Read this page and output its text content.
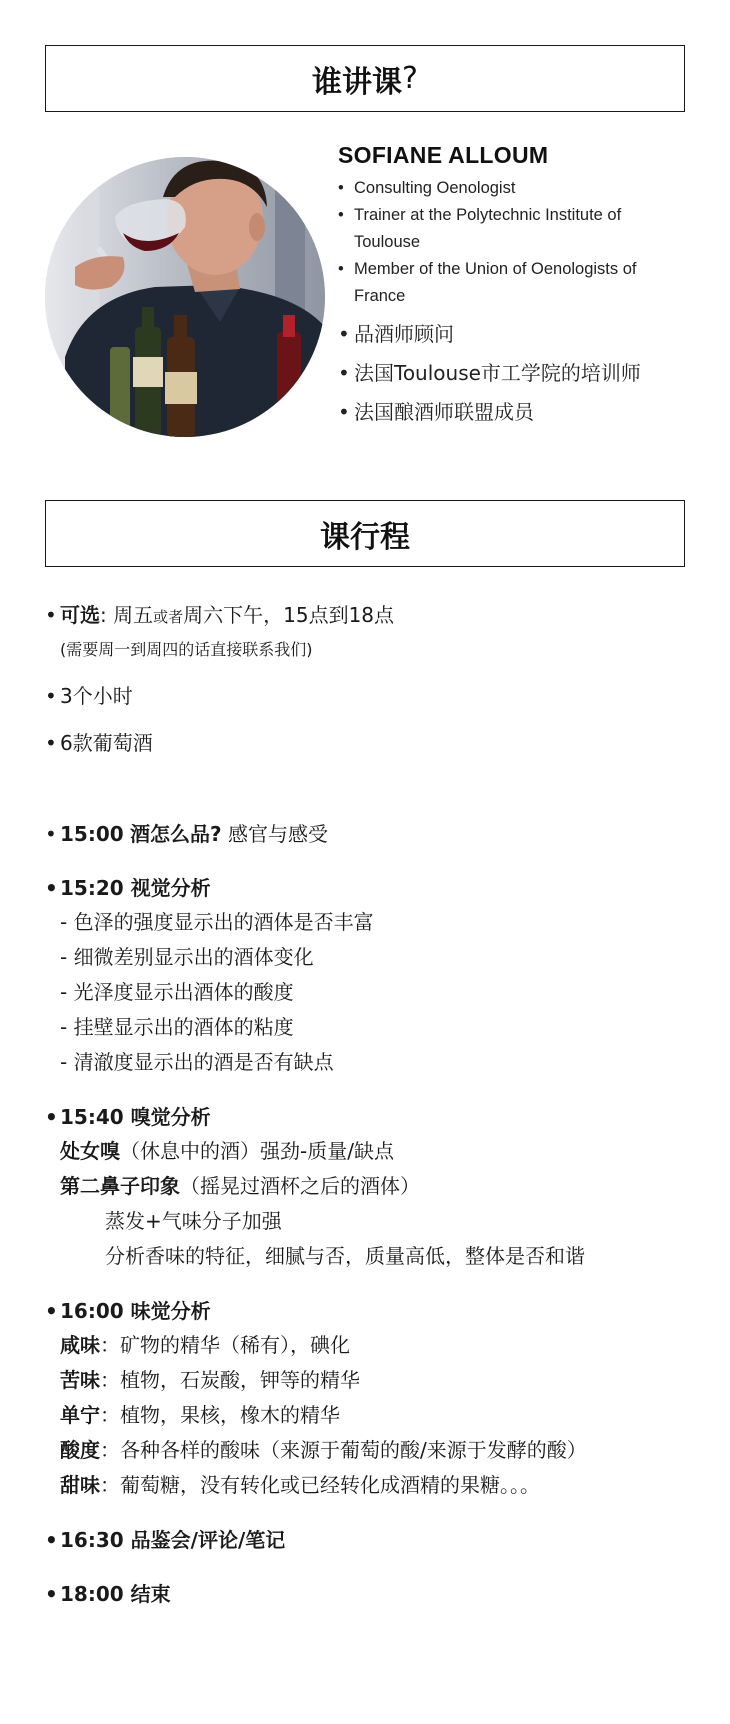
谁讲课 ?
SOFIANE ALLOUM
• Consulting Oenologist
• Trainer at the Polytechnic Institute of Toulouse
• Member of the Union of Oenologists of France
• 品酒师顾问
• 法国Toulouse市工学院的培训师
• 法国酿酒师联盟成员
课行程
• 可选: 周五或者周六下午，15点到18点
(需要周一到周四的话直接联系我们)
• 3个小时
• 6款葡萄酒
• 15:00 酒怎么品? 感官与感受
• 15:20 视觉分析
- 色泽的强度显示出的酒体是否丰富
- 细微差别显示出的酒体变化
- 光泽度显示出酒体的酸度
- 挂壁显示出的酒体的粘度
- 清澈度显示出的酒是否有缺点
• 15:40 嗅觉分析
处女嗅（休息中的酒）强劲-质量/缺点
第二鼻子印象（摇晃过酒杯之后的酒体）
蒸发+气味分子加强
分析香味的特征，细腻与否，质量高低，整体是否和谐
• 16:00 味觉分析
咸味：矿物的精华（稀有），碘化
苦味：植物，石炭酸，钾等的精华
单宁：植物，果核，橡木的精华
酸度：各种各样的酸味（来源于葡萄的酸/来源于发酵的酸）
甜味：葡萄糖，没有转化或已经转化成酒精的果糖。。。
• 16:30 品鉴会/评论/笔记
• 18:00 结束
